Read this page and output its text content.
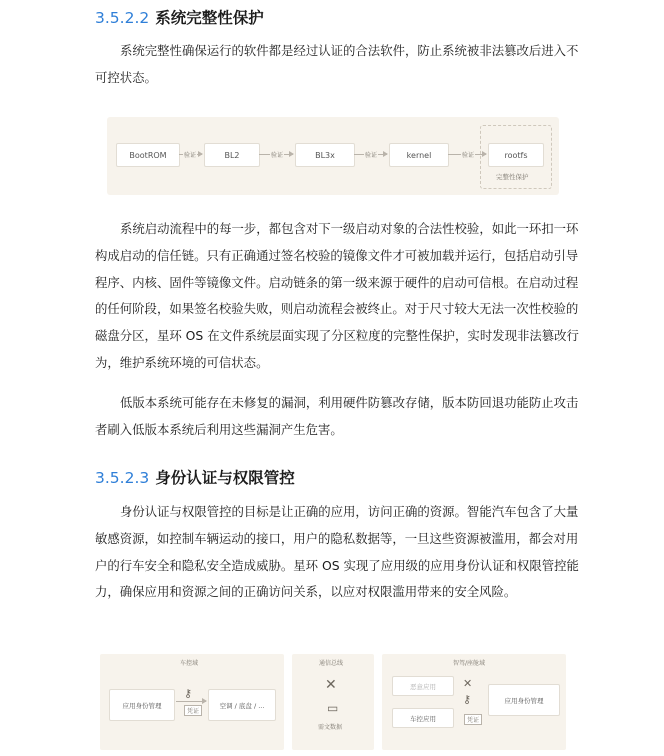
3.5.2.2 系统完整性保护
系统完整性确保运行的软件都是经过认证的合法软件，防止系统被非法篡改后进入不可控状态。
BootROM	BL2	BL3x	kernel	rootfs
验证	验证	验证	验证
完整性保护
系统启动流程中的每一步，都包含对下一级启动对象的合法性校验，如此一环扣一环构成启动的信任链。只有正确通过签名校验的镜像文件才可被加载并运行，包括启动引导程序、内核、固件等镜像文件。启动链条的第一级来源于硬件的启动可信根。在启动过程的任何阶段，如果签名校验失败，则启动流程会被终止。对于尺寸较大无法一次性校验的磁盘分区，星环 OS 在文件系统层面实现了分区粒度的完整性保护，实时发现非法篡改行为，维护系统环境的可信状态。
低版本系统可能存在未修复的漏洞，利用硬件防篡改存储，版本防回退功能防止攻击者刷入低版本系统后利用这些漏洞产生危害。
3.5.2.3 身份认证与权限管控
身份认证与权限管控的目标是让正确的应用，访问正确的资源。智能汽车包含了大量敏感资源，如控制车辆运动的接口，用户的隐私数据等，一旦这些资源被滥用，都会对用户的行车安全和隐私安全造成威胁。星环 OS 实现了应用级的应用身份认证和权限管控能力，确保应用和资源之间的正确访问关系，以应对权限滥用带来的安全风险。
车控域
应用身份管理
⚷
凭证
空调 / 底盘 / ...
通信总线
✕
▭
需文数据
智驾/座舱域
恶意应用
车控应用
✕
⚷
凭证
应用身份管理
